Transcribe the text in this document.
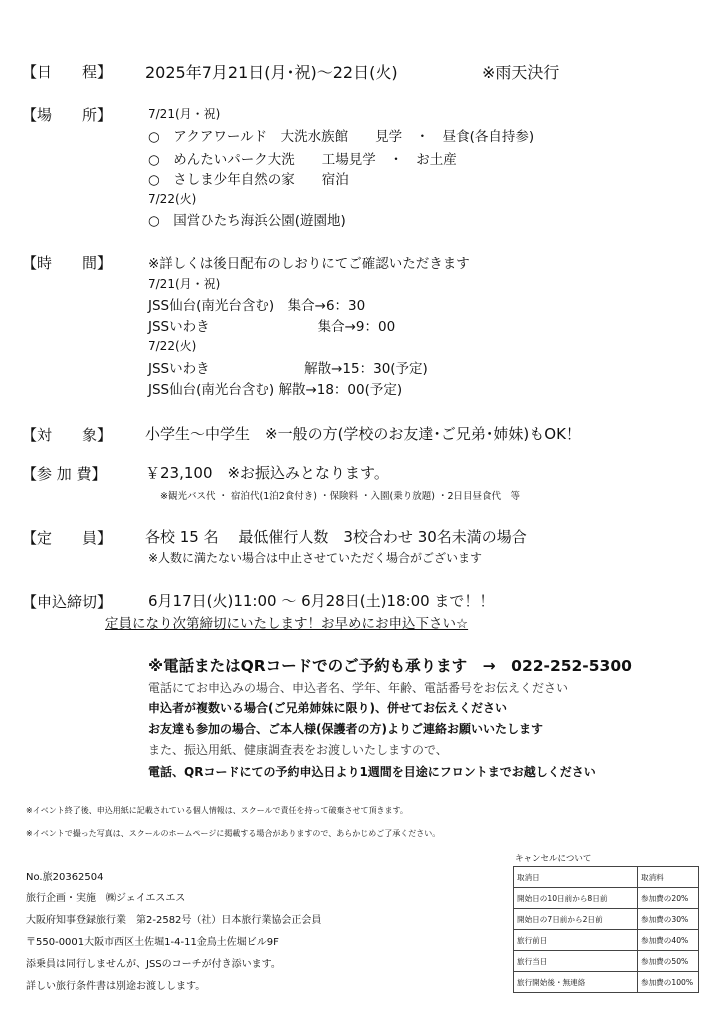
【日　　程】 2025年7月21日(月･祝)～22日(火)	※雨天決行
【場　　所】	7/21(月・祝)
○　アクアワールド　大洗水族館　　見学　・　昼食(各自持参)
○　めんたいパーク大洗　　工場見学　・　お土産
○　さしま少年自然の家　　宿泊
7/22(火)
○　国営ひたち海浜公園(遊園地)
【時　　間】	※詳しくは後日配布のしおりにてご確認いただきます
7/21(月・祝)
JSS仙台(南光台含む)　集合→6：30
JSSいわき　　　　　　　　集合→9：00
7/22(火)
JSSいわき　　　　　　　解散→15：30(予定)
JSS仙台(南光台含む) 解散→18：00(予定)
【対　　象】 小学生～中学生　※一般の方(学校のお友達･ご兄弟･姉妹)もOK！
【参 加 費】	￥23,100　※お振込みとなります。
※観光バス代 ・ 宿泊代(1泊2食付き) ・保険料 ・入園(乗り放題) ・2日目昼食代　等
【定　　員】 各校 15 名　 最低催行人数　3校合わせ 30名未満の場合
※人数に満たない場合は中止させていただく場合がございます
【申込締切】 6月17日(火)11:00 ～ 6月28日(土)18:00 まで！！
定員になり次第締切にいたします！お早めにお申込下さい☆
※電話またはQRコードでのご予約も承ります　→　022-252-5300
電話にてお申込みの場合、申込者名、学年、年齢、電話番号をお伝えください
申込者が複数いる場合(ご兄弟姉妹に限り)、併せてお伝えください
お友達も参加の場合、ご本人様(保護者の方)よりご連絡お願いいたします
また、振込用紙、健康調査表をお渡しいたしますので、
電話、QRコードにての予約申込日より1週間を目途にフロントまでお越しください
※イベント終了後、申込用紙に記載されている個人情報は、スクールで責任を持って破棄させて頂きます。
※イベントで撮った写真は、スクールのホームページに掲載する場合がありますので、あらかじめご了承ください。
No.旅20362504
旅行企画・実施　㈱ジェイエスエス
大阪府知事登録旅行業　第2-2582号（社）日本旅行業協会正会員
〒550-0001大阪市西区土佐堀1-4-11金鳥土佐堀ビル9F
添乗員は同行しませんが、JSSのコーチが付き添います。
詳しい旅行条件書は別途お渡しします。
キャンセルについて
取消日	取消料
開始日の10日前から8日前	参加費の20%
開始日の7日前から2日前	参加費の30%
旅行前日	参加費の40%
旅行当日	参加費の50%
旅行開始後・無連絡	参加費の100%
